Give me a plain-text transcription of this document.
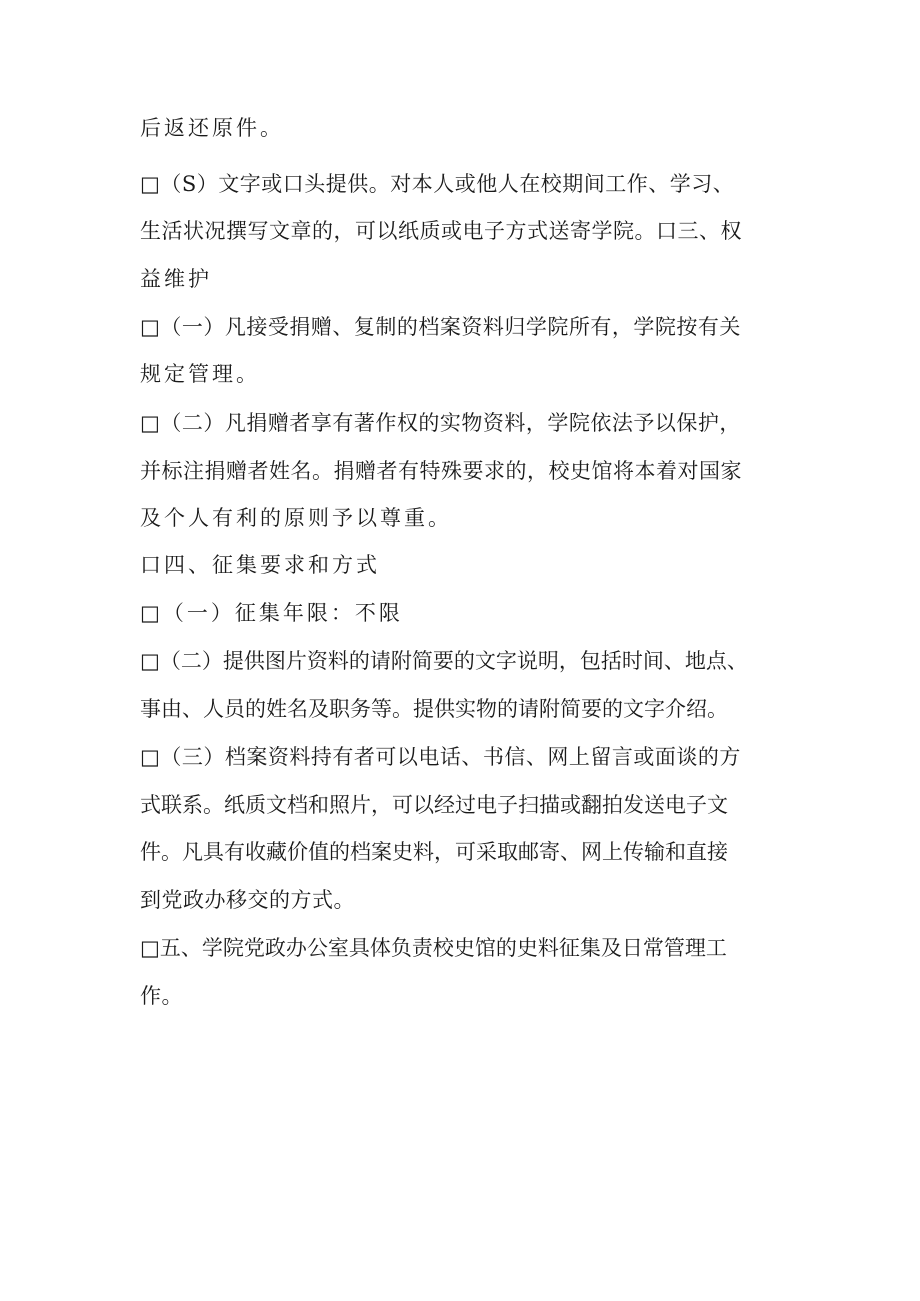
后返还原件。
□（S）文字或口头提供。对本人或他人在校期间工作、学习、
生活状况撰写文章的，可以纸质或电子方式送寄学院。口三、权
益维护
□（一）凡接受捐赠、复制的档案资料归学院所有，学院按有关
规定管理。
□（二）凡捐赠者享有著作权的实物资料，学院依法予以保护，
并标注捐赠者姓名。捐赠者有特殊要求的，校史馆将本着对国家
及个人有利的原则予以尊重。
口四、征集要求和方式
□（一）征集年限：不限
□（二）提供图片资料的请附简要的文字说明，包括时间、地点、
事由、人员的姓名及职务等。提供实物的请附简要的文字介绍。
□（三）档案资料持有者可以电话、书信、网上留言或面谈的方
式联系。纸质文档和照片，可以经过电子扫描或翻拍发送电子文
件。凡具有收藏价值的档案史料，可采取邮寄、网上传输和直接
到党政办移交的方式。
□五、学院党政办公室具体负责校史馆的史料征集及日常管理工
作。
